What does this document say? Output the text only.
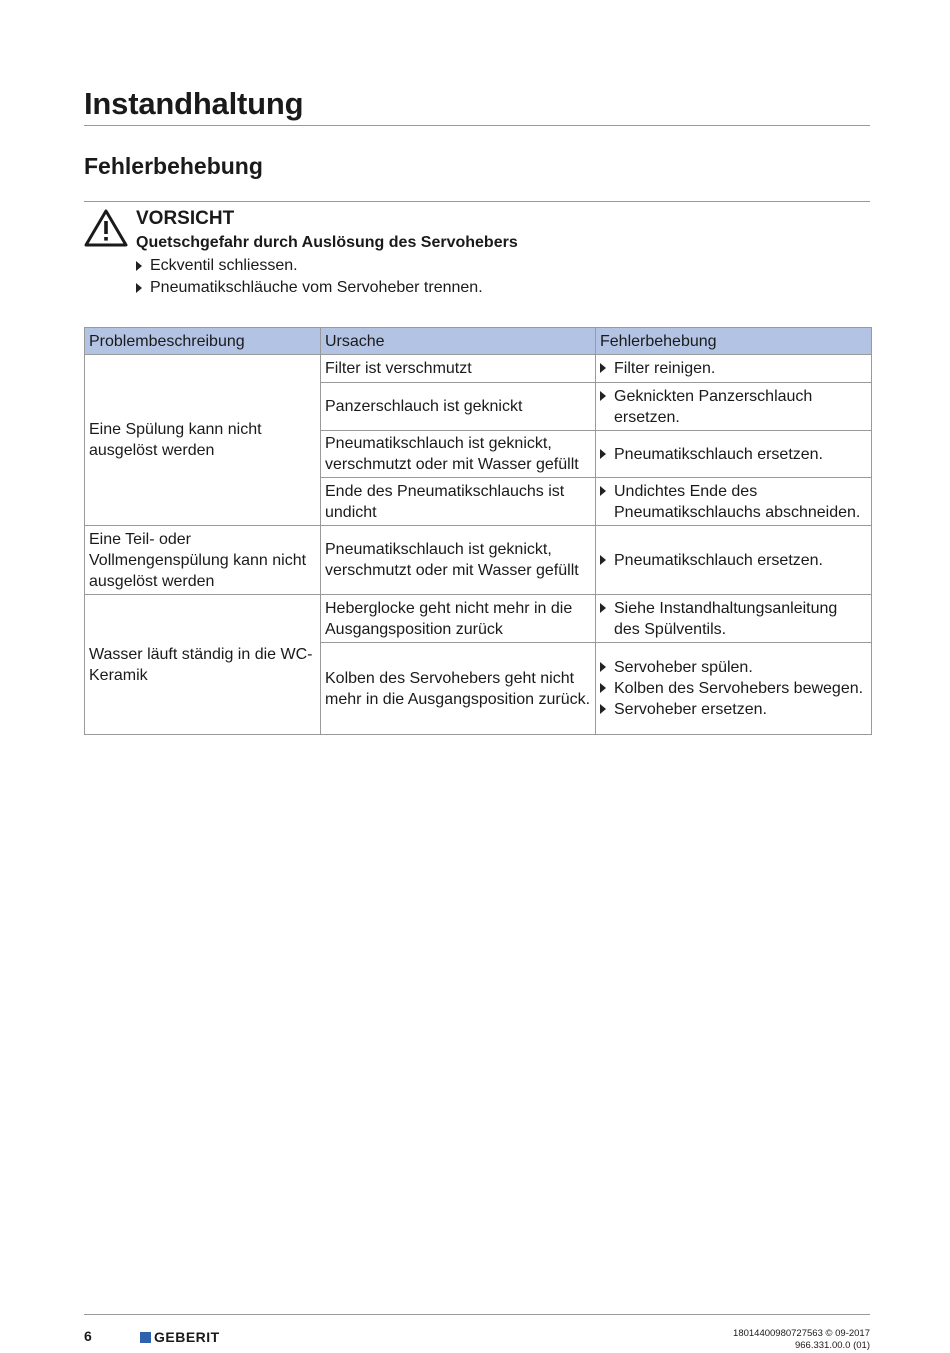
Instandhaltung
Fehlerbehebung
VORSICHT
Quetschgefahr durch Auslösung des Servohebers
Eckventil schliessen.
Pneumatikschläuche vom Servoheber trennen.
Problembeschreibung	Ursache	Fehlerbehebung
Eine Spülung kann nicht ausgelöst werden	Filter ist verschmutzt	Filter reinigen.

	Panzerschlauch ist geknickt	Geknickten Panzerschlauch ersetzen.

	Pneumatikschlauch ist geknickt, verschmutzt oder mit Wasser gefüllt	Pneumatikschlauch ersetzen.

	Ende des Pneumatikschlauchs ist undicht	Undichtes Ende des Pneumatikschlauchs abschneiden.

Eine Teil- oder Vollmengenspülung kann nicht ausgelöst werden	Pneumatikschlauch ist geknickt, verschmutzt oder mit Wasser gefüllt	Pneumatikschlauch ersetzen.

Wasser läuft ständig in die WC-Keramik	Heberglocke geht nicht mehr in die Ausgangsposition zurück	Siehe Instandhaltungsanleitung des Spülventils.

	Kolben des Servohebers geht nicht mehr in die Ausgangsposition zurück.	Servoheber spülen.
Kolben des Servohebers bewegen.
Servoheber ersetzen.
6	GEBERIT	18014400980727563 © 09-2017
966.331.00.0 (01)
